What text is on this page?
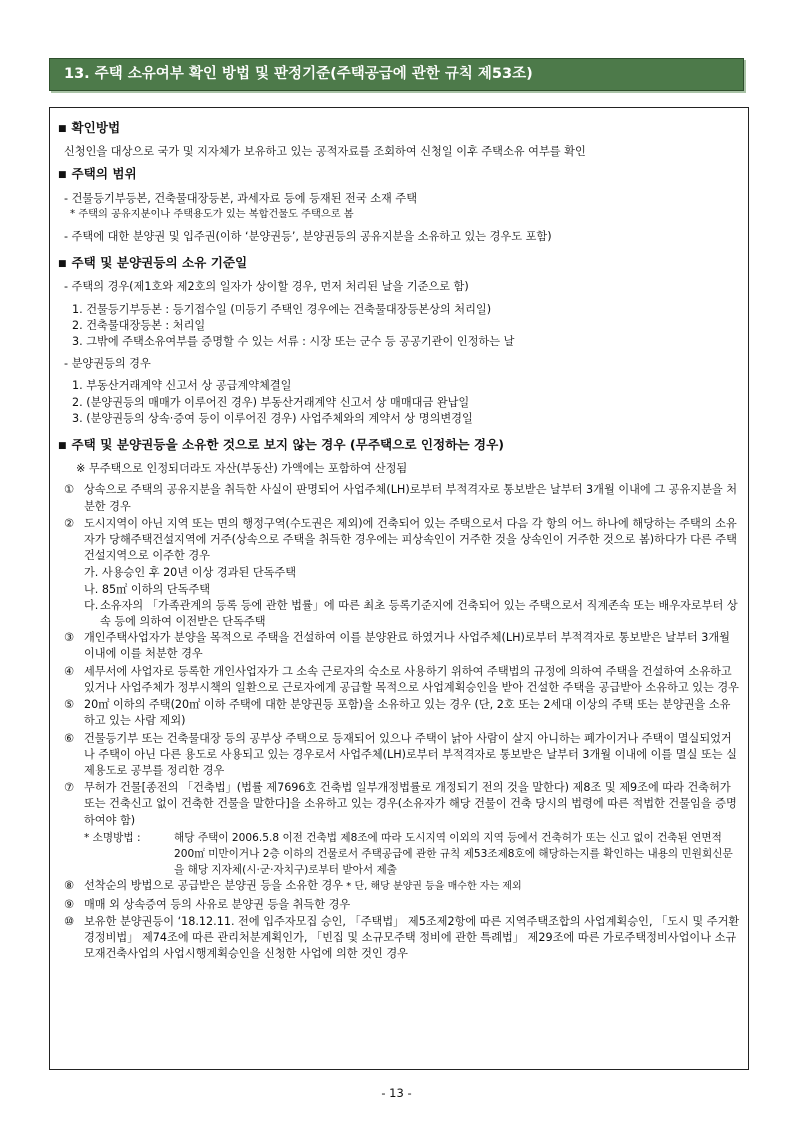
13. 주택 소유여부 확인 방법 및 판정기준(주택공급에 관한 규칙 제53조)
■ 확인방법
신청인을 대상으로 국가 및 지자체가 보유하고 있는 공적자료를 조회하여 신청일 이후 주택소유 여부를 확인
■ 주택의 범위
- 건물등기부등본, 건축물대장등본, 과세자료 등에 등재된 전국 소재 주택
* 주택의 공유지분이나 주택용도가 있는 복합건물도 주택으로 봄
- 주택에 대한 분양권 및 입주권(이하 ‘분양권등’, 분양권등의 공유지분을 소유하고 있는 경우도 포함)
■ 주택 및 분양권등의 소유 기준일
- 주택의 경우(제1호와 제2호의 일자가 상이할 경우, 먼저 처리된 날을 기준으로 함)
1. 건물등기부등본 : 등기접수일 (미등기 주택인 경우에는 건축물대장등본상의 처리일)
2. 건축물대장등본 : 처리일
3. 그밖에 주택소유여부를 증명할 수 있는 서류 : 시장 또는 군수 등 공공기관이 인정하는 날
- 분양권등의 경우
1. 부동산거래계약 신고서 상 공급계약체결일
2. (분양권등의 매매가 이루어진 경우) 부동산거래계약 신고서 상 매매대금 완납일
3. (분양권등의 상속·증여 등이 이루어진 경우) 사업주체와의 계약서 상 명의변경일
■ 주택 및 분양권등을 소유한 것으로 보지 않는 경우 (무주택으로 인정하는 경우)
※ 무주택으로 인정되더라도 자산(부동산) 가액에는 포함하여 산정됨
① 상속으로 주택의 공유지분을 취득한 사실이 판명되어 사업주체(LH)로부터 부적격자로 통보받은 날부터 3개월 이내에 그 공유지분을 처분한 경우
② 도시지역이 아닌 지역 또는 면의 행정구역(수도권은 제외)에 건축되어 있는 주택으로서 다음 각 항의 어느 하나에 해당하는 주택의 소유자가 당해주택건설지역에 거주(상속으로 주택을 취득한 경우에는 피상속인이 거주한 것을 상속인이 거주한 것으로 봄)하다가 다른 주택건설지역으로 이주한 경우
가. 사용승인 후 20년 이상 경과된 단독주택
나. 85㎡ 이하의 단독주택
다. 소유자의 「가족관계의 등록 등에 관한 법률」에 따른 최초 등록기준지에 건축되어 있는 주택으로서 직계존속 또는 배우자로부터 상속 등에 의하여 이전받은 단독주택
③ 개인주택사업자가 분양을 목적으로 주택을 건설하여 이를 분양완료 하였거나 사업주체(LH)로부터 부적격자로 통보받은 날부터 3개월 이내에 이를 처분한 경우
④ 세무서에 사업자로 등록한 개인사업자가 그 소속 근로자의 숙소로 사용하기 위하여 주택법의 규정에 의하여 주택을 건설하여 소유하고 있거나 사업주체가 정부시책의 일환으로 근로자에게 공급할 목적으로 사업계획승인을 받아 건설한 주택을 공급받아 소유하고 있는 경우
⑤ 20㎡ 이하의 주택(20㎡ 이하 주택에 대한 분양권등 포함)을 소유하고 있는 경우 (단, 2호 또는 2세대 이상의 주택 또는 분양권을 소유하고 있는 사람 제외)
⑥ 건물등기부 또는 건축물대장 등의 공부상 주택으로 등재되어 있으나 주택이 낡아 사람이 살지 아니하는 폐가이거나 주택이 멸실되었거나 주택이 아닌 다른 용도로 사용되고 있는 경우로서 사업주체(LH)로부터 부적격자로 통보받은 날부터 3개월 이내에 이를 멸실 또는 실제용도로 공부를 정리한 경우
⑦ 무허가 건물[종전의 「건축법」(법률 제7696호 건축법 일부개정법률로 개정되기 전의 것을 말한다) 제8조 및 제9조에 따라 건축허가 또는 건축신고 없이 건축한 건물을 말한다]을 소유하고 있는 경우(소유자가 해당 건물이 건축 당시의 법령에 따른 적법한 건물임을 증명하여야 함)
* 소명방법 :	해당 주택이 2006.5.8 이전 건축법 제8조에 따라 도시지역 이외의 지역 등에서 건축허가 또는 신고 없이 건축된 연면적 200㎡ 미만이거나 2층 이하의 건물로서 주택공급에 관한 규칙 제53조제8호에 해당하는지를 확인하는 내용의 민원회신문을 해당 지자체(시·군·자치구)로부터 받아서 제출
⑧ 선착순의 방법으로 공급받은 분양권 등을 소유한 경우 * 단, 해당 분양권 등을 매수한 자는 제외
⑨ 매매 외 상속증여 등의 사유로 분양권 등을 취득한 경우
⑩ 보유한 분양권등이 ‘18.12.11. 전에 입주자모집 승인, 「주택법」 제5조제2항에 따른 지역주택조합의 사업계획승인, 「도시 및 주거환경정비법」 제74조에 따른 관리처분계획인가, 「빈집 및 소규모주택 정비에 관한 특례법」 제29조에 따른 가로주택정비사업이나 소규모재건축사업의 사업시행계획승인을 신청한 사업에 의한 것인 경우
- 13 -
